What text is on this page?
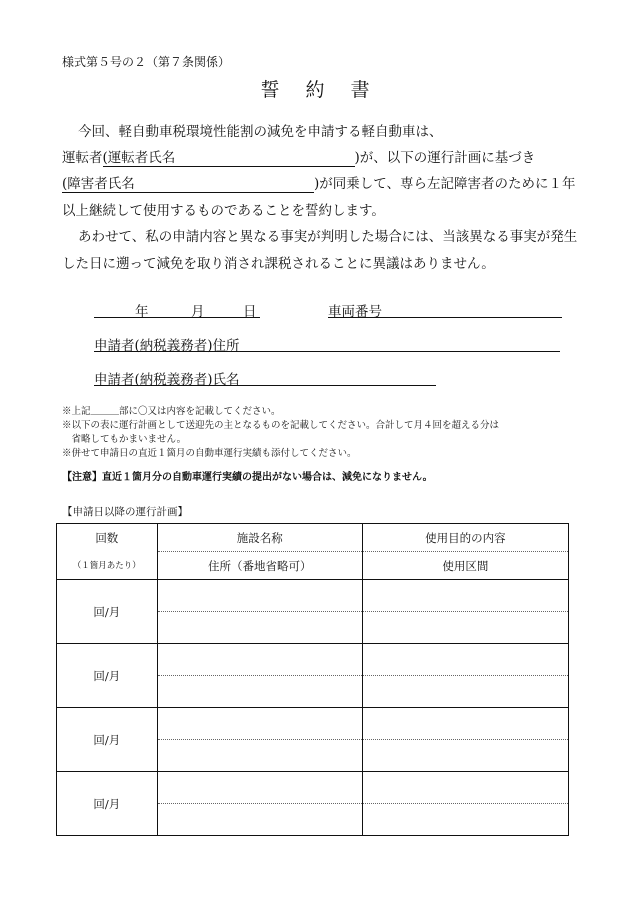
様式第５号の２（第７条関係）
誓 約 書
今回、軽自動車税環境性能割の減免を申請する軽自動車は、
運転者(運転者氏名	)が、以下の運行計画に基づき
(障害者氏名	)が同乗して、専ら左記障害者のために１年
以上継続して使用するものであることを誓約します。
あわせて、私の申請内容と異なる事実が判明した場合には、当該異なる事実が発生
した日に遡って減免を取り消され課税されることに異議はありません。
年	月	日	車両番号
申請者(納税義務者)住所
申請者(納税義務者)氏名
※上記＿＿＿部に〇又は内容を記載してください。
※以下の表に運行計画として送迎先の主となるものを記載してください。合計して月４回を超える分は
　省略してもかまいません。
※併せて申請日の直近１箇月の自動車運行実績も添付してください。
【注意】直近１箇月分の自動車運行実績の提出がない場合は、減免になりません。
【申請日以降の運行計画】
回数	施設名称	使用目的の内容
（１箇月あたり）	住所（番地省略可）	使用区間
回/月		

回/月		

回/月		

回/月		
